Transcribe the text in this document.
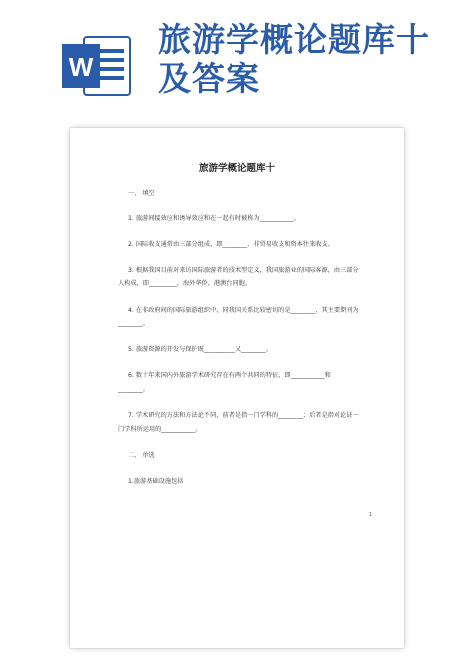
W
旅游学概论题库十及答案
旅游学概论题库十
一、 填空
1. 旅游间接效应和诱导效应和在一起有时被称为___________。
2. 国际收支通常由三部分组成，即________、非贸易收支和资本往来收支。
3. 根据我国目前对来访国际旅游者的技术型定义，我国旅游业的国际客源，由三部分
人构成，即_________，海外华侨，港澳台同胞。
4. 在非政府间的国际旅游组织中，同我国关系比较密切的是________，其主要期刊为
________。
5. 旅游资源的开发与保护既__________又________。
6. 数十年来国内外旅游学术研究存在有两个共同的特征，即___________和
________。
7. 学术研究的方法和方法论不同，前者是指一门学科的________；后者是指对论证一
门学科所运用的___________。
二、 单选
1.旅游基础设施包括
1
